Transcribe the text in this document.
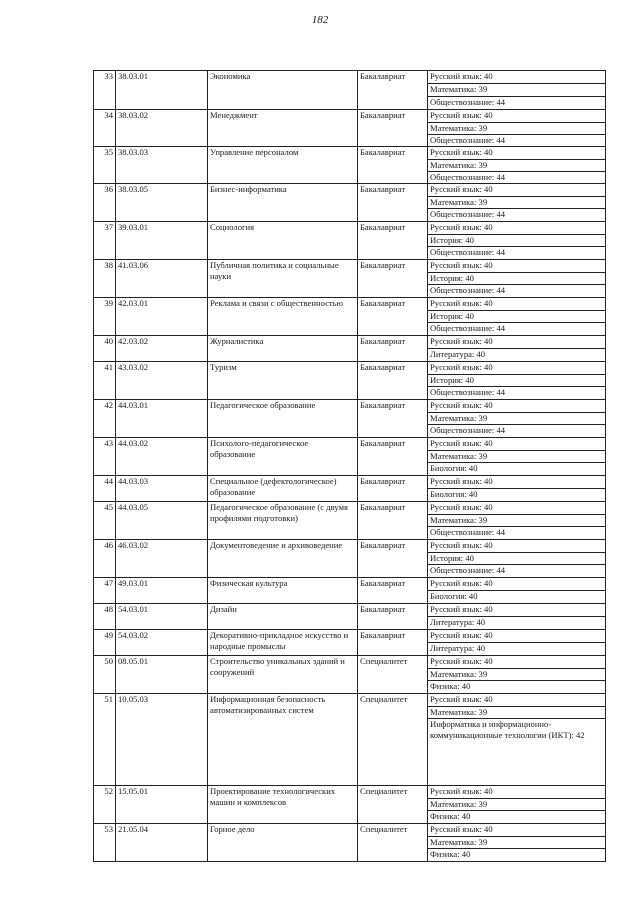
182
33	38.03.01	Экономика	Бакалавриат	Русский язык: 40
				Математика: 39
				Обществознание: 44
34	38.03.02	Менеджмент	Бакалавриат	Русский язык: 40
				Математика: 39
				Обществознание: 44
35	38.03.03	Управление персоналом	Бакалавриат	Русский язык: 40
				Математика: 39
				Обществознание: 44
36	38.03.05	Бизнес-информатика	Бакалавриат	Русский язык: 40
				Математика: 39
				Обществознание: 44
37	39.03.01	Социология	Бакалавриат	Русский язык: 40
				История: 40
				Обществознание: 44
38	41.03.06	Публичная политика и социальные науки	Бакалавриат	Русский язык: 40
				История: 40
				Обществознание: 44
39	42.03.01	Реклама и связи с общественностью	Бакалавриат	Русский язык: 40
				История: 40
				Обществознание: 44
40	42.03.02	Журналистика	Бакалавриат	Русский язык: 40
				Литература: 40
41	43.03.02	Туризм	Бакалавриат	Русский язык: 40
				История: 40
				Обществознание: 44
42	44.03.01	Педагогическое образование	Бакалавриат	Русский язык: 40
				Математика: 39
				Обществознание: 44
43	44.03.02	Психолого-педагогическое образование	Бакалавриат	Русский язык: 40
				Математика: 39
				Биология: 40
44	44.03.03	Специальное (дефектологическое) образование	Бакалавриат	Русский язык: 40
				Биология: 40
45	44.03.05	Педагогическое образование (с двумя профилями подготовки)	Бакалавриат	Русский язык: 40
				Математика: 39
				Обществознание: 44
46	46.03.02	Документоведение и архивоведение	Бакалавриат	Русский язык: 40
				История: 40
				Обществознание: 44
47	49.03.01	Физическая культура	Бакалавриат	Русский язык: 40
				Биология: 40
48	54.03.01	Дизайн	Бакалавриат	Русский язык: 40
				Литература: 40
49	54.03.02	Декоративно-прикладное искусство и народные промыслы	Бакалавриат	Русский язык: 40
				Литература: 40
50	08.05.01	Строительство уникальных зданий и сооружений	Специалитет	Русский язык: 40
				Математика: 39
				Физика: 40
51	10.05.03	Информационная безопасность автоматизированных систем	Специалитет	Русский язык: 40
				Математика: 39
				Информатика и информационно-коммуникационные технологии (ИКТ): 42
52	15.05.01	Проектирование технологических машин и комплексов	Специалитет	Русский язык: 40
				Математика: 39
				Физика: 40
53	21.05.04	Горное дело	Специалитет	Русский язык: 40
				Математика: 39
				Физика: 40
